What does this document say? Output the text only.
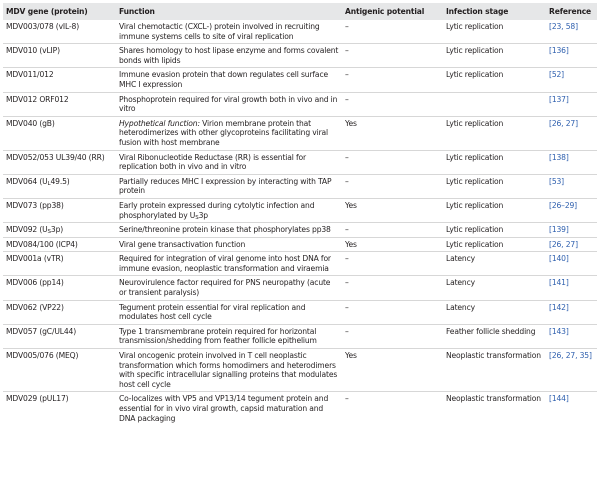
MDV gene (protein)	Function	Antigenic potential	Infection stage	Reference
MDV003/078 (vIL-8)	Viral chemotactic (CXCL-) protein involved in recruiting immune systems cells to site of viral replication	–	Lytic replication	[23, 58]
MDV010 (vLIP)	Shares homology to host lipase enzyme and forms covalent bonds with lipids	–	Lytic replication	[136]
MDV011/012	Immune evasion protein that down regulates cell surface MHC I expression	–	Lytic replication	[52]
MDV012 ORF012	Phosphoprotein required for viral growth both in vivo and in vitro	–		[137]
MDV040 (gB)	Hypothetical function: Virion membrane protein that heterodimerizes with other glycoproteins facilitating viral fusion with host membrane	Yes	Lytic replication	[26, 27]
MDV052/053 UL39/40 (RR)	Viral Ribonucleotide Reductase (RR) is essential for replication both in vivo and in vitro	–	Lytic replication	[138]
MDV064 $(U_L49.5)$	Partially reduces MHC I expression by interacting with TAP protein	–	Lytic replication	[53]
MDV073 (pp38)	Early protein expressed during cytolytic infection and phosphorylated by $U_S3p$	Yes	Lytic replication	[26–29]
MDV092 $(U_S3p)$	Serine/threonine protein kinase that phosphorylates pp38	–	Lytic replication	[139]
MDV084/100 (ICP4)	Viral gene transactivation function	Yes	Lytic replication	[26, 27]
MDV001a (vTR)	Required for integration of viral genome into host DNA for immune evasion, neoplastic transformation and viraemia	–	Latency	[140]
MDV006 (pp14)	Neurovirulence factor required for PNS neuropathy (acute or transient paralysis)	–	Latency	[141]
MDV062 (VP22)	Tegument protein essential for viral replication and modulates host cell cycle	–	Latency	[142]
MDV057 (gC/UL44)	Type 1 transmembrane protein required for horizontal transmission/shedding from feather follicle epithelium	–	Feather follicle shedding	[143]
MDV005/076 (MEQ)	Viral oncogenic protein involved in T cell neoplastic transformation which forms homodimers and heterodimers with specific intracellular signalling proteins that modulates host cell cycle	Yes	Neoplastic transformation	[26, 27, 35]
MDV029 (pUL17)	Co-localizes with VP5 and VP13/14 tegument protein and essential for in vivo viral growth, capsid maturation and DNA packaging	–	Neoplastic transformation	[144]
